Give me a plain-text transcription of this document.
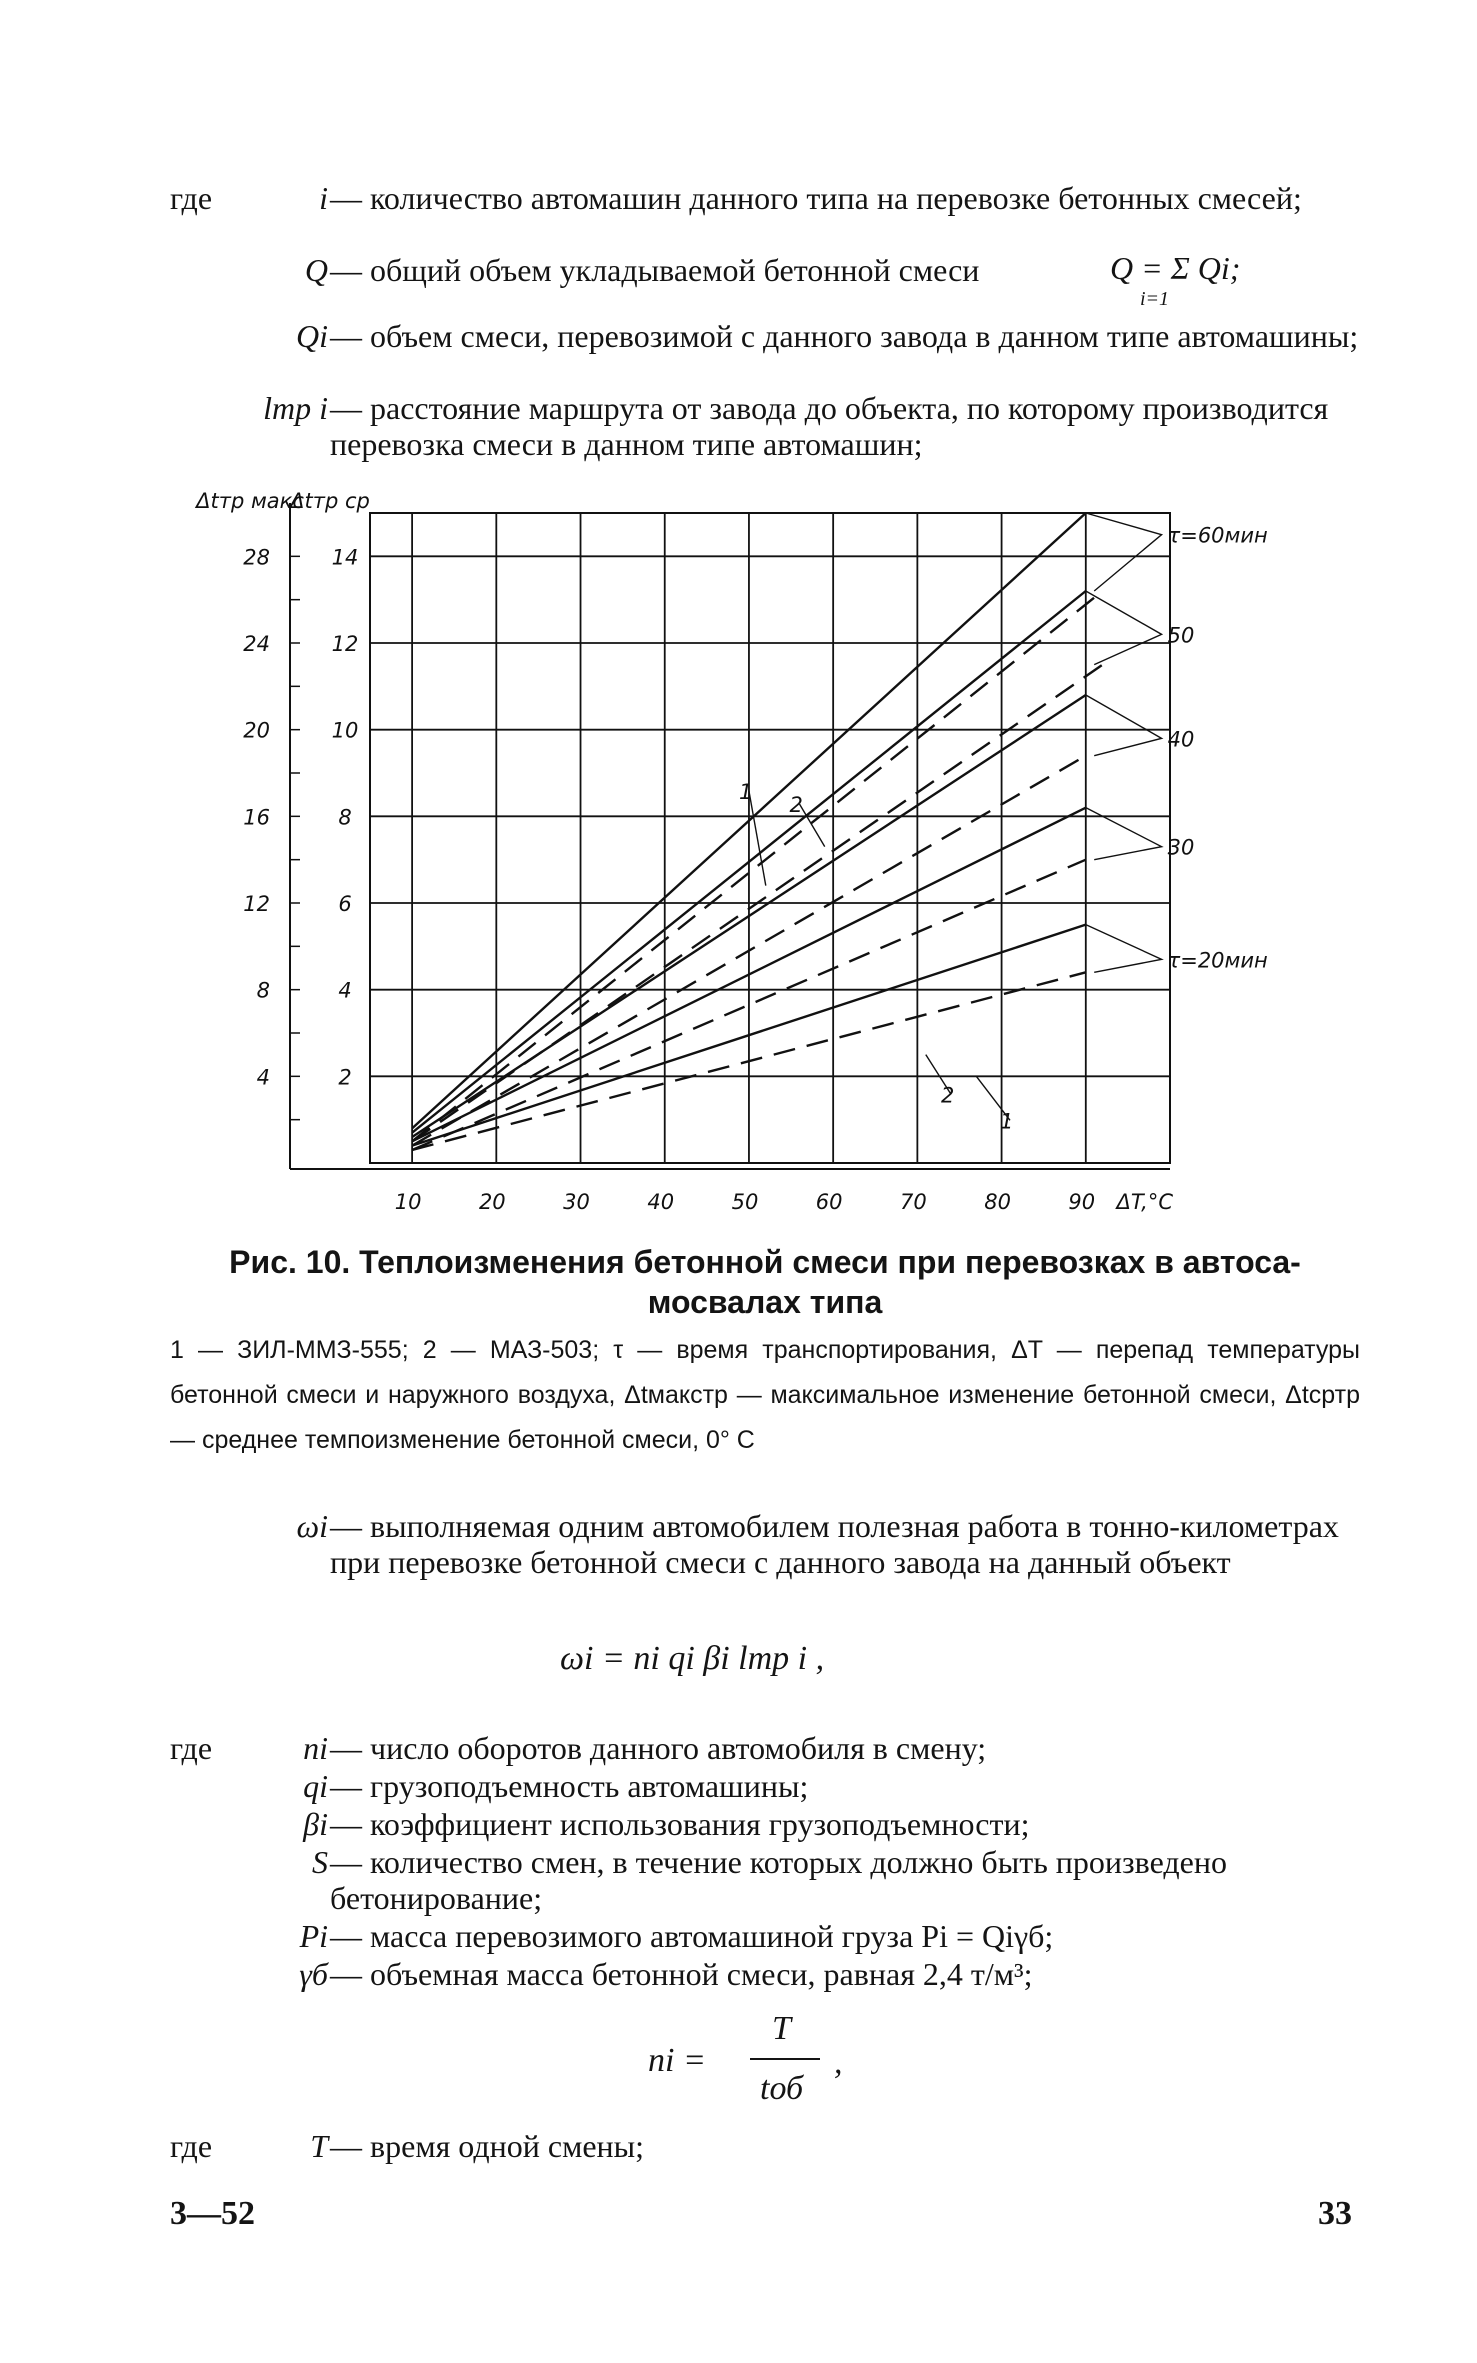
где	i — количество автомашин данного типа на перевозке бетонных смесей;
Q — общий объем укладываемой бетонной смеси	Q = Σ Qi;
i=1
Qi — объем смеси, перевозимой с данного завода в данном типе автомашины;
lтр i — расстояние маршрута от завода до объекта, по которому производится перевозка смеси в данном типе автомашин;
2
4
6
8
10
12
14
4
8
12
16
20
24
28
10	20	30	40	50	60	70	80	90 ΔT,°C
Δtтр макс
Δtтр ср
τ=60мин
50
40
30
τ=20мин
1
2
1
2
Рис. 10. Теплоизменения бетонной смеси при перевозках в автоса-
мосвалах типа
1 — ЗИЛ-ММЗ-555; 2 — МАЗ-503; τ — время транспортирования, ΔT — перепад температуры бетонной смеси и наружного воздуха, Δtмакстр — максимальное изменение бетонной смеси, Δtсртр — среднее темпоизменение бетонной смеси, 0° C
ωi — выполняемая одним автомобилем полезная работа в тонно-километрах при перевозке бетонной смеси с данного завода на данный объект
ωi = ni qi βi lтр i ,
где	ni — число оборотов данного автомобиля в смену;
qi — грузоподъемность автомашины;
βi — коэффициент использования грузоподъемности;
S — количество смен, в течение которых должно быть произведено бетонирование;
Pi — масса перевозимого автомашиной груза Pi = Qiγб;
γб — объемная масса бетонной смеси, равная 2,4 т/м³;
ni =
T
tоб
,
где	T — время одной смены;
3—52	33
